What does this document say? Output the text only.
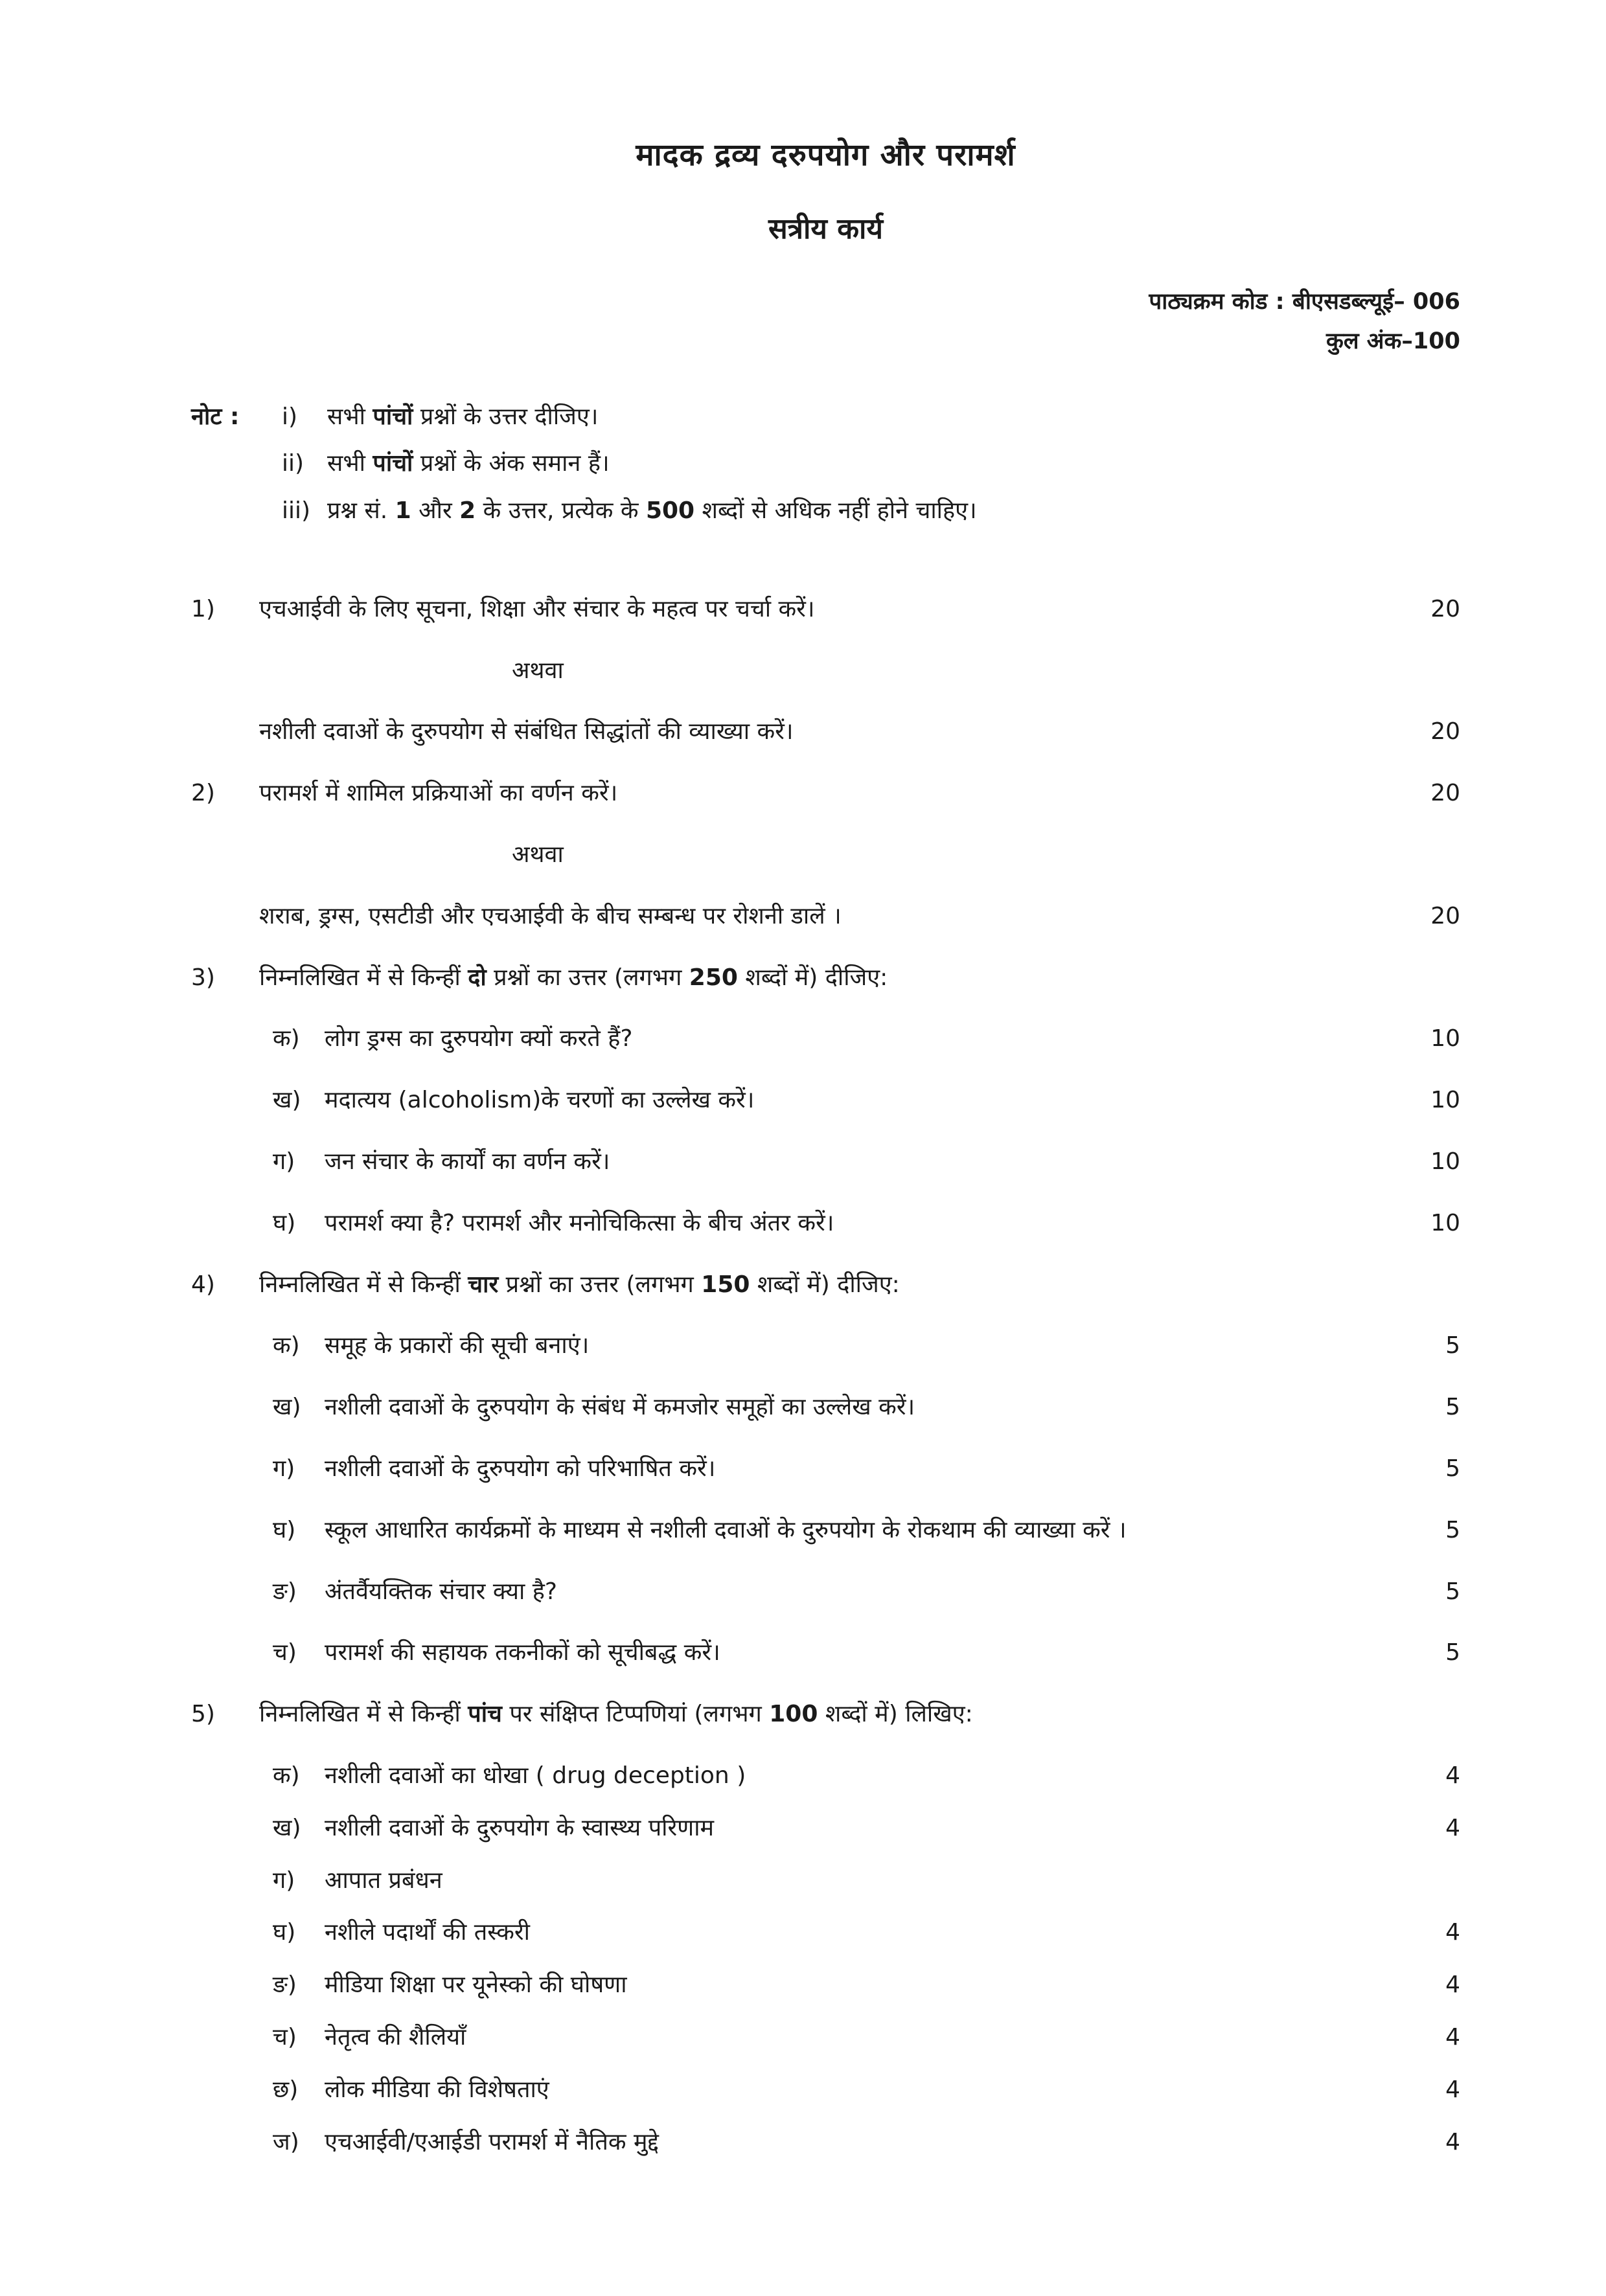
मादक द्रव्य दरुपयोग और परामर्श
सत्रीय कार्य
पाठ्यक्रम कोड : बीएसडब्ल्यूई– 006
कुल अंक–100
नोट :	i)	सभी पांचों प्रश्नों के उत्तर दीजिए।
ii) सभी पांचों प्रश्नों के अंक समान हैं।
iii) प्रश्न सं. 1 और 2 के उत्तर, प्रत्येक के 500 शब्दों से अधिक नहीं होने चाहिए।
1)	एचआईवी के लिए सूचना, शिक्षा और संचार के महत्व पर चर्चा करें।	20
अथवा
नशीली दवाओं के दुरुपयोग से संबंधित सिद्धांतों की व्याख्या करें।	20
2)	परामर्श में शामिल प्रक्रियाओं का वर्णन करें।	20
अथवा
शराब, ड्रग्स, एसटीडी और एचआईवी के बीच सम्बन्ध पर रोशनी डालें ।	20
3)	निम्नलिखित में से किन्हीं दो प्रश्नों का उत्तर (लगभग 250 शब्दों में) दीजिए:
क)	लोग ड्रग्स का दुरुपयोग क्यों करते हैं?	10
ख)	मदात्यय (alcoholism)के चरणों का उल्लेख करें।	10
ग)	जन संचार के कार्यों का वर्णन करें।	10
घ)	परामर्श क्या है? परामर्श और मनोचिकित्सा के बीच अंतर करें।	10
4)	निम्नलिखित में से किन्हीं चार प्रश्नों का उत्तर (लगभग 150 शब्दों में) दीजिए:
क)	समूह के प्रकारों की सूची बनाएं।	5
ख)	नशीली दवाओं के दुरुपयोग के संबंध में कमजोर समूहों का उल्लेख करें।	5
ग)	नशीली दवाओं के दुरुपयोग को परिभाषित करें।	5
घ)	स्कूल आधारित कार्यक्रमों के माध्यम से नशीली दवाओं के दुरुपयोग के रोकथाम की व्याख्या करें ।	5
ङ)	अंतर्वैयक्तिक संचार क्या है?	5
च)	परामर्श की सहायक तकनीकों को सूचीबद्ध करें।	5
5)	निम्नलिखित में से किन्हीं पांच पर संक्षिप्त टिप्पणियां (लगभग 100 शब्दों में) लिखिए:
क)	नशीली दवाओं का धोखा ( drug deception )	4
ख)	नशीली दवाओं के दुरुपयोग के स्वास्थ्य परिणाम	4
ग)	आपात प्रबंधन
घ)	नशीले पदार्थों की तस्करी	4
ङ)	मीडिया शिक्षा पर यूनेस्को की घोषणा	4
च)	नेतृत्व की शैलियाँ	4
छ)	लोक मीडिया की विशेषताएं	4
ज)	एचआईवी/एआईडी परामर्श में नैतिक मुद्दे	4
